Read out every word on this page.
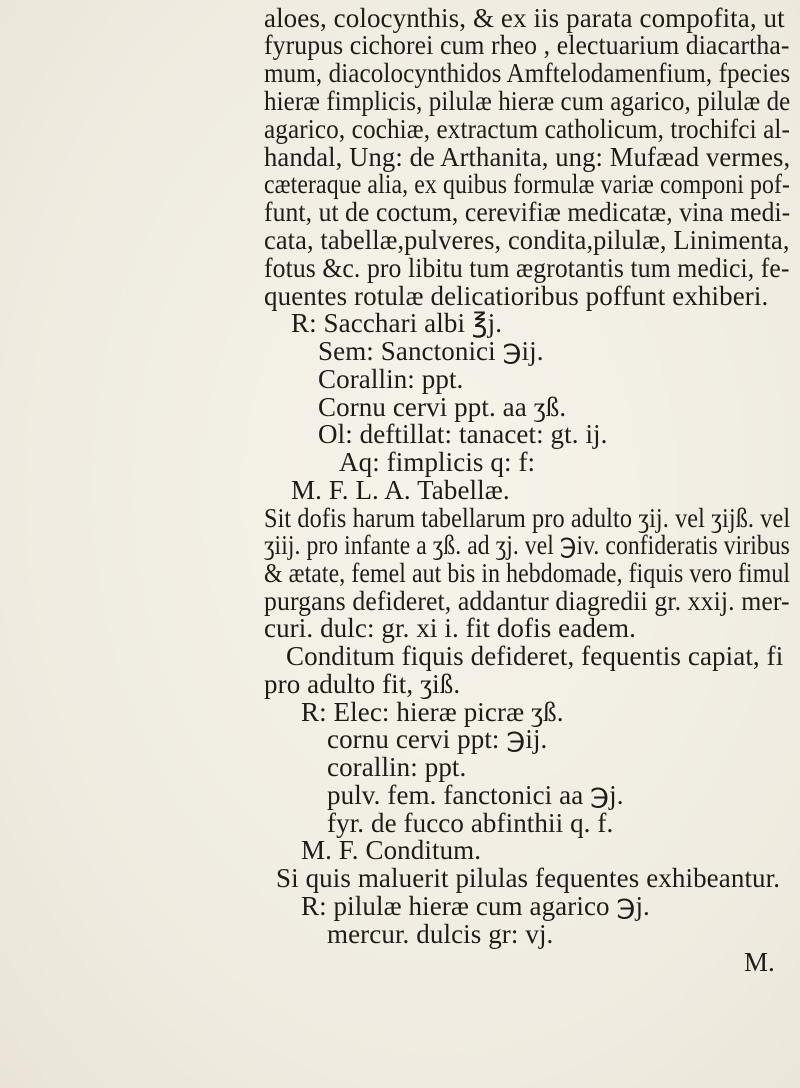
aloes, colocynthis, & ex iis parata compofita, ut
fyrupus cichorei cum rheo , electuarium diacartha-
mum, diacolocynthidos Amftelodamenfium, fpecies
hieræ fimplicis, pilulæ hieræ cum agarico, pilulæ de
agarico, cochiæ, extractum catholicum, trochifci al-
handal, Ung: de Arthanita, ung: Mufæad vermes,
cæteraque alia, ex quibus formulæ variæ componi pof-
funt, ut de coctum, cerevifiæ medicatæ, vina medi-
cata, tabellæ,pulveres, condita,pilulæ, Linimenta,
fotus &c. pro libitu tum ægrotantis tum medici, fe-
quentes rotulæ delicatioribus poffunt exhiberi.
R: Sacchari albi ℥j.
Sem: Sanctonici ℈ij.
Corallin: ppt.
Cornu cervi ppt. aa ʒß.
Ol: deftillat: tanacet: gt. ij.
Aq: fimplicis q: f:
M. F. L. A. Tabellæ.
Sit dofis harum tabellarum pro adulto ʒij. vel ʒijß. vel
ʒiij. pro infante a ʒß. ad ʒj. vel ℈iv. confideratis viribus
& ætate, femel aut bis in hebdomade, fiquis vero fimul
purgans defideret, addantur diagredii gr. xxij. mer-
curi. dulc: gr. xi i. fit dofis eadem.
Conditum fiquis defideret, fequentis capiat, fi
pro adulto fit, ʒiß.
R: Elec: hieræ picræ ʒß.
cornu cervi ppt: ℈ij.
corallin: ppt.
pulv. fem. fanctonici aa ℈j.
fyr. de fucco abfinthii q. f.
M. F. Conditum.
Si quis maluerit pilulas fequentes exhibeantur.
R: pilulæ hieræ cum agarico ℈j.
mercur. dulcis gr: vj.
M.
